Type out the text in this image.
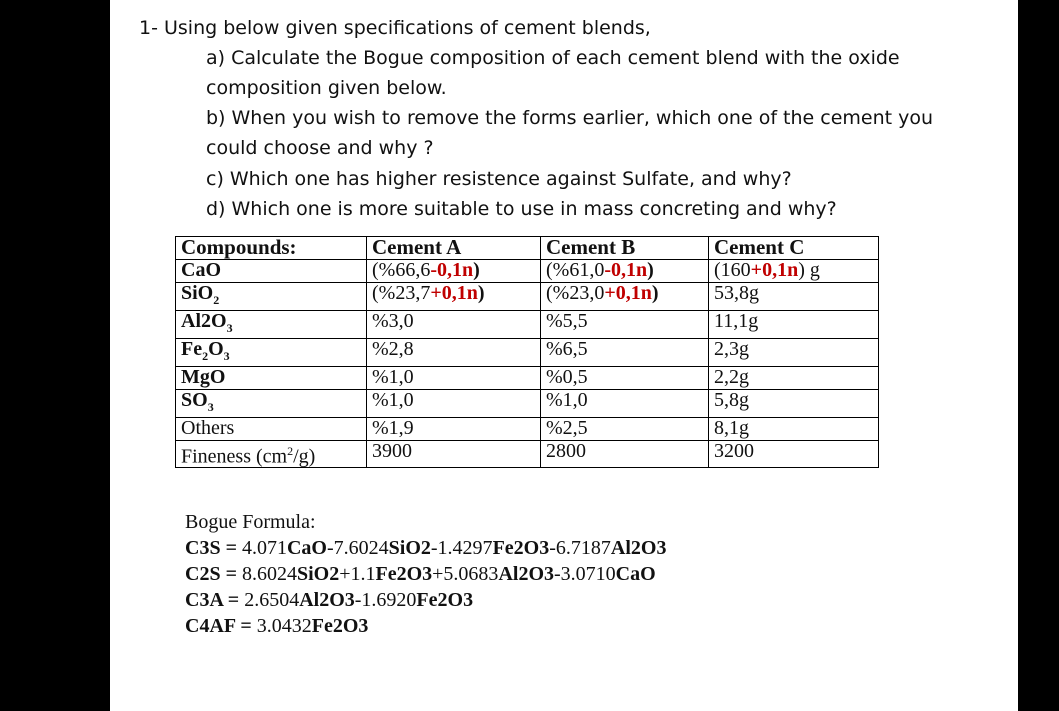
1- Using below given specifications of cement blends,
a) Calculate the Bogue composition of each cement blend with the oxide
composition given below.
b) When you wish to remove the forms earlier, which one of the cement you
could choose and why ?
c) Which one has higher resistence against Sulfate, and why?
d) Which one is more suitable to use in mass concreting and why?
Compounds:	Cement A	Cement B	Cement C
CaO	(%66,6-0,1n)	(%61,0-0,1n)	(160+0,1n) g
SiO$_2$	(%23,7+0,1n)	(%23,0+0,1n)	53,8g
$Al2O_3$	%3,0	%5,5	11,1g
$Fe_2O_3$	%2,8	%6,5	2,3g
MgO	%1,0	%0,5	2,2g
$SO_3$	%1,0	%1,0	5,8g
Others	%1,9	%2,5	8,1g
Fineness $(cm^2/g)$	3900	2800	3200
Bogue Formula:
C3S = 4.071CaO-7.6024SiO2-1.4297Fe2O3-6.7187Al2O3
C2S = 8.6024SiO2+1.1Fe2O3+5.0683Al2O3-3.0710CaO
C3A = 2.6504Al2O3-1.6920Fe2O3
C4AF = 3.0432Fe2O3
